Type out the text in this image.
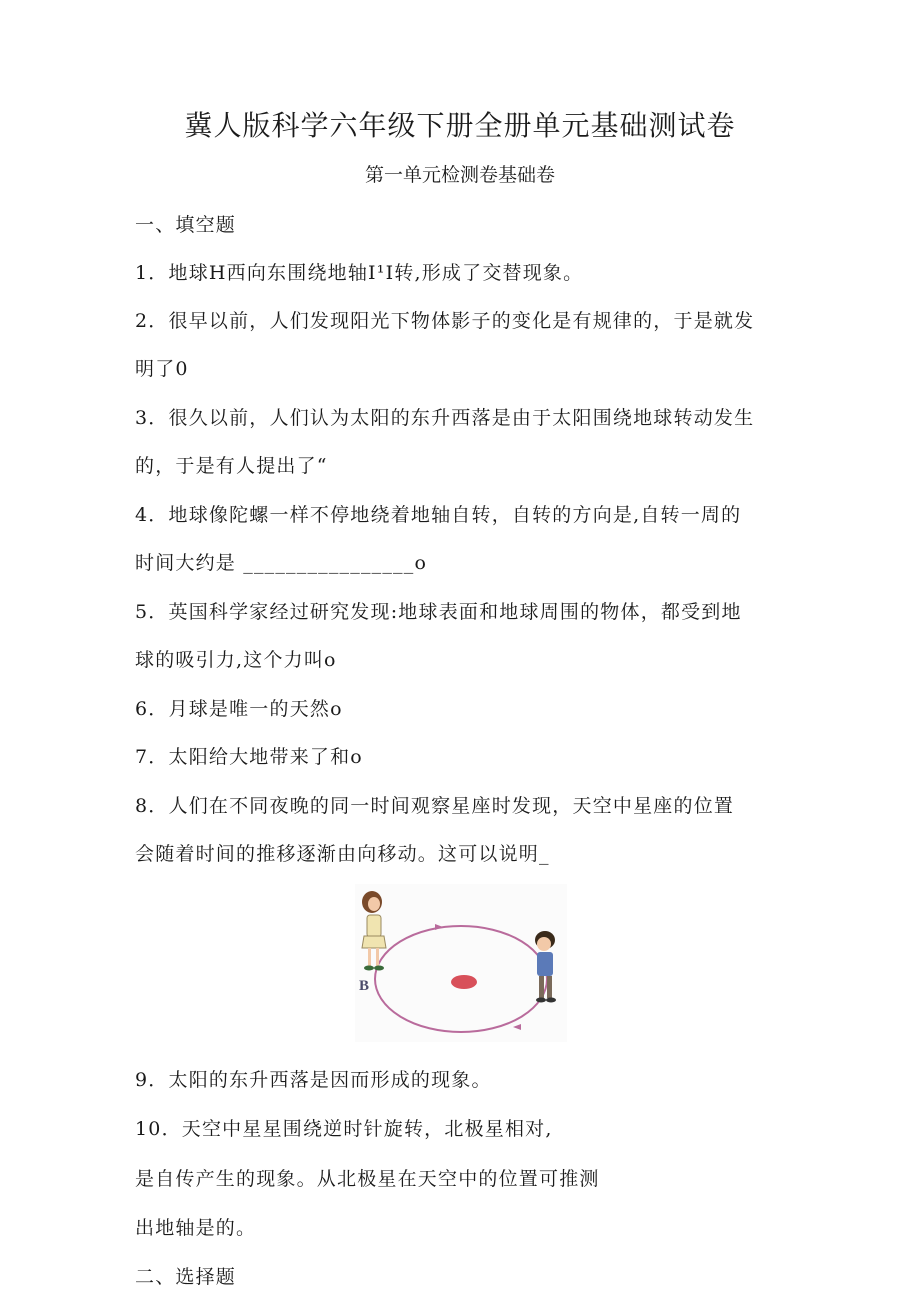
冀人版科学六年级下册全册单元基础测试卷
第一单元检测卷基础卷
一、填空题
1．地球H西向东围绕地轴I¹I转,形成了交替现象。
2．很早以前，人们发现阳光下物体影子的变化是有规律的，于是就发
明了0
3．很久以前，人们认为太阳的东升西落是由于太阳围绕地球转动发生
的，于是有人提出了“
4．地球像陀螺一样不停地绕着地轴自转，自转的方向是,自转一周的
时间大约是 ________________o
5．英国科学家经过研究发现:地球表面和地球周围的物体，都受到地
球的吸引力,这个力叫o
6．月球是唯一的天然o
7．太阳给大地带来了和o
8．人们在不同夜晚的同一时间观察星座时发现，天空中星座的位置
会随着时间的推移逐渐由向移动。这可以说明_
B
9．太阳的东升西落是因而形成的现象。
10．天空中星星围绕逆时针旋转，北极星相对,
是自传产生的现象。从北极星在天空中的位置可推测
出地轴是的。
二、选择题
